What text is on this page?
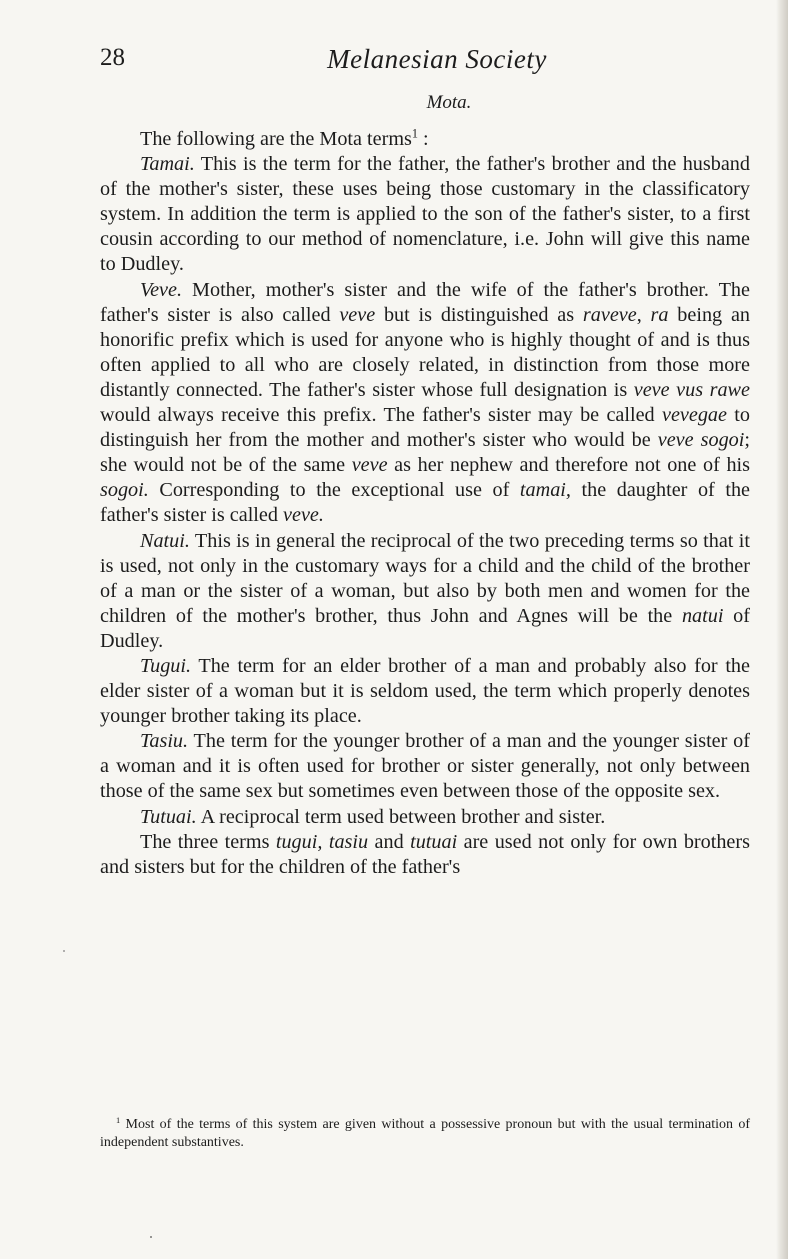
28	Melanesian Society
Mota.

The following are the Mota terms$^1$ :

Tamai. This is the term for the father, the father's brother and the husband of the mother's sister, these uses being those customary in the classificatory system. In addition the term is applied to the son of the father's sister, to a first cousin according to our method of nomenclature, i.e. John will give this name to Dudley.

Veve. Mother, mother's sister and the wife of the father's brother. The father's sister is also called veve but is distinguished as raveve, ra being an honorific prefix which is used for anyone who is highly thought of and is thus often applied to all who are closely related, in distinction from those more distantly connected. The father's sister whose full designation is veve vus rawe would always receive this prefix. The father's sister may be called vevegae to distinguish her from the mother and mother's sister who would be veve sogoi; she would not be of the same veve as her nephew and therefore not one of his sogoi. Corresponding to the exceptional use of tamai, the daughter of the father's sister is called veve.

Natui. This is in general the reciprocal of the two preceding terms so that it is used, not only in the customary ways for a child and the child of the brother of a man or the sister of a woman, but also by both men and women for the children of the mother's brother, thus John and Agnes will be the natui of Dudley.

Tugui. The term for an elder brother of a man and probably also for the elder sister of a woman but it is seldom used, the term which properly denotes younger brother taking its place.

Tasiu. The term for the younger brother of a man and the younger sister of a woman and it is often used for brother or sister generally, not only between those of the same sex but sometimes even between those of the opposite sex.

Tutuai. A reciprocal term used between brother and sister.

The three terms tugui, tasiu and tutuai are used not only for own brothers and sisters but for the children of the father's

$^1$ Most of the terms of this system are given without a possessive pronoun but with the usual termination of independent substantives.
